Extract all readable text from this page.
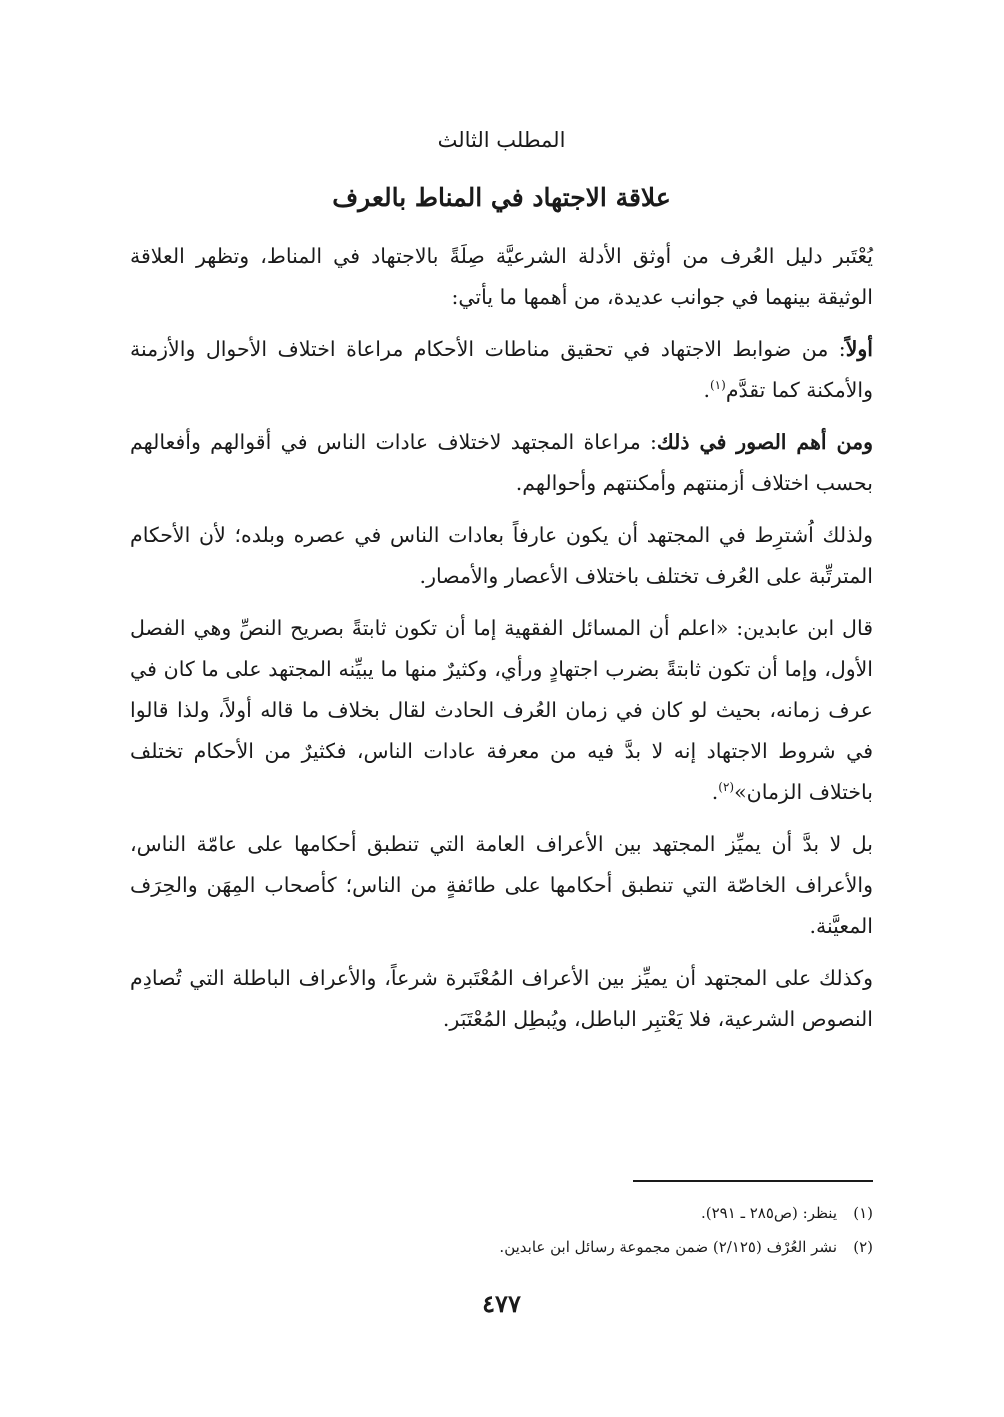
المطلب الثالث
علاقة الاجتهاد في المناط بالعرف

يُعْتَبر دليل العُرف من أوثق الأدلة الشرعيَّة صِلَةً بالاجتهاد في المناط، وتظهر العلاقة الوثيقة بينهما في جوانب عديدة، من أهمها ما يأتي:

أولاً: من ضوابط الاجتهاد في تحقيق مناطات الأحكام مراعاة اختلاف الأحوال والأزمنة والأمكنة كما تقدَّم$^{(١)}$.

ومن أهم الصور في ذلك: مراعاة المجتهد لاختلاف عادات الناس في أقوالهم وأفعالهم بحسب اختلاف أزمنتهم وأمكنتهم وأحوالهم.

ولذلك اُشترِط في المجتهد أن يكون عارفاً بعادات الناس في عصره وبلده؛ لأن الأحكام المترتِّبة على العُرف تختلف باختلاف الأعصار والأمصار.

قال ابن عابدين: «اعلم أن المسائل الفقهية إما أن تكون ثابتةً بصريح النصِّ وهي الفصل الأول، وإما أن تكون ثابتةً بضرب اجتهادٍ ورأي، وكثيرٌ منها ما يبيِّنه المجتهد على ما كان في عرف زمانه، بحيث لو كان في زمان العُرف الحادث لقال بخلاف ما قاله أولاً، ولذا قالوا في شروط الاجتهاد إنه لا بدَّ فيه من معرفة عادات الناس، فكثيرٌ من الأحكام تختلف باختلاف الزمان»$^{(٢)}$.

بل لا بدَّ أن يميِّز المجتهد بين الأعراف العامة التي تنطبق أحكامها على عامّة الناس، والأعراف الخاصّة التي تنطبق أحكامها على طائفةٍ من الناس؛ كأصحاب المِهَن والحِرَف المعيَّنة.

وكذلك على المجتهد أن يميِّز بين الأعراف المُعْتَبرة شرعاً، والأعراف الباطلة التي تُصادِم النصوص الشرعية، فلا يَعْتبِر الباطل، ويُبطِل المُعْتَبَر.

(١)ينظر: (ص٢٨٥ ـ ٢٩١).

(٢)نشر العُرْف (٢/١٢٥) ضمن مجموعة رسائل ابن عابدين.

٤٧٧
